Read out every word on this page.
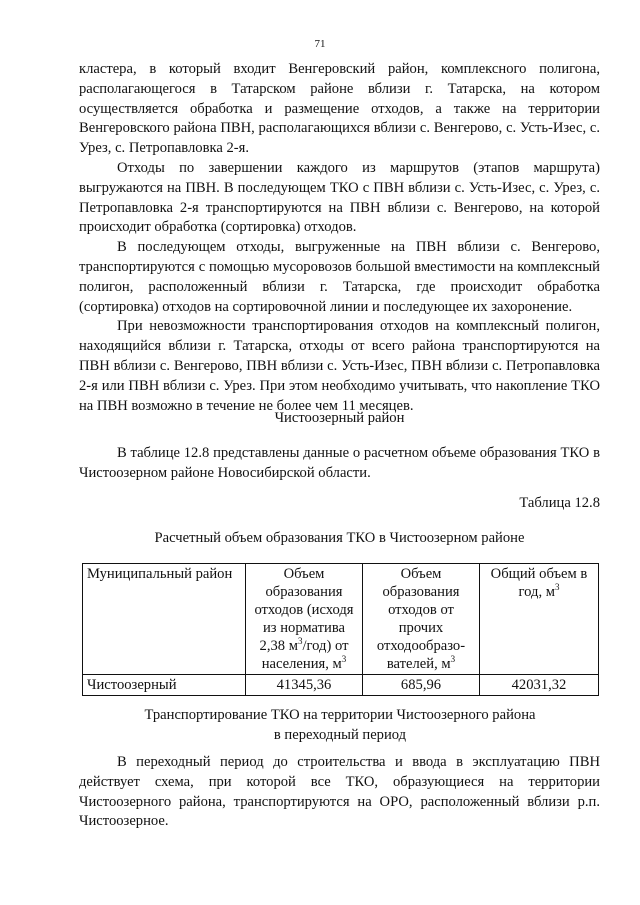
71

кластера, в который входит Венгеровский район, комплексного полигона, располагающегося в Татарском районе вблизи г. Татарска, на котором осуществляется обработка и размещение отходов, а также на территории Венгеровского района ПВН, располагающихся вблизи с. Венгерово, с. Усть-Изес, с. Урез, с. Петропавловка 2-я.

Отходы по завершении каждого из маршрутов (этапов маршрута) выгружаются на ПВН. В последующем ТКО с ПВН вблизи с. Усть-Изес, с. Урез, с. Петропавловка 2-я транспортируются на ПВН вблизи с. Венгерово, на которой происходит обработка (сортировка) отходов.

В последующем отходы, выгруженные на ПВН вблизи с. Венгерово, транспортируются с помощью мусоровозов большой вместимости на комплексный полигон, расположенный вблизи г. Татарска, где происходит обработка (сортировка) отходов на сортировочной линии и последующее их захоронение.

При невозможности транспортирования отходов на комплексный полигон, находящийся вблизи г. Татарска, отходы от всего района транспортируются на ПВН вблизи с. Венгерово, ПВН вблизи с. Усть-Изес, ПВН вблизи с. Петропавловка 2-я или ПВН вблизи с. Урез. При этом необходимо учитывать, что накопление ТКО на ПВН возможно в течение не более чем 11 месяцев.

Чистоозерный район

В таблице 12.8 представлены данные о расчетном объеме образования ТКО в Чистоозерном районе Новосибирской области.

Таблица 12.8

Расчетный объем образования ТКО в Чистоозерном районе

Муниципальный район	Объем образования отходов (исходя из норматива 2,38 $м^3/год$) от населения, $м^3$	Объем образования отходов от прочих отходообразо-вателей, $м^3$	Общий объем в год, $м^3$
Чистоозерный	41345,36	685,96	42031,32

Транспортирование ТКО на территории Чистоозерного района в переходный период

В переходный период до строительства и ввода в эксплуатацию ПВН действует схема, при которой все ТКО, образующиеся на территории Чистоозерного района, транспортируются на ОРО, расположенный вблизи р.п. Чистоозерное.
